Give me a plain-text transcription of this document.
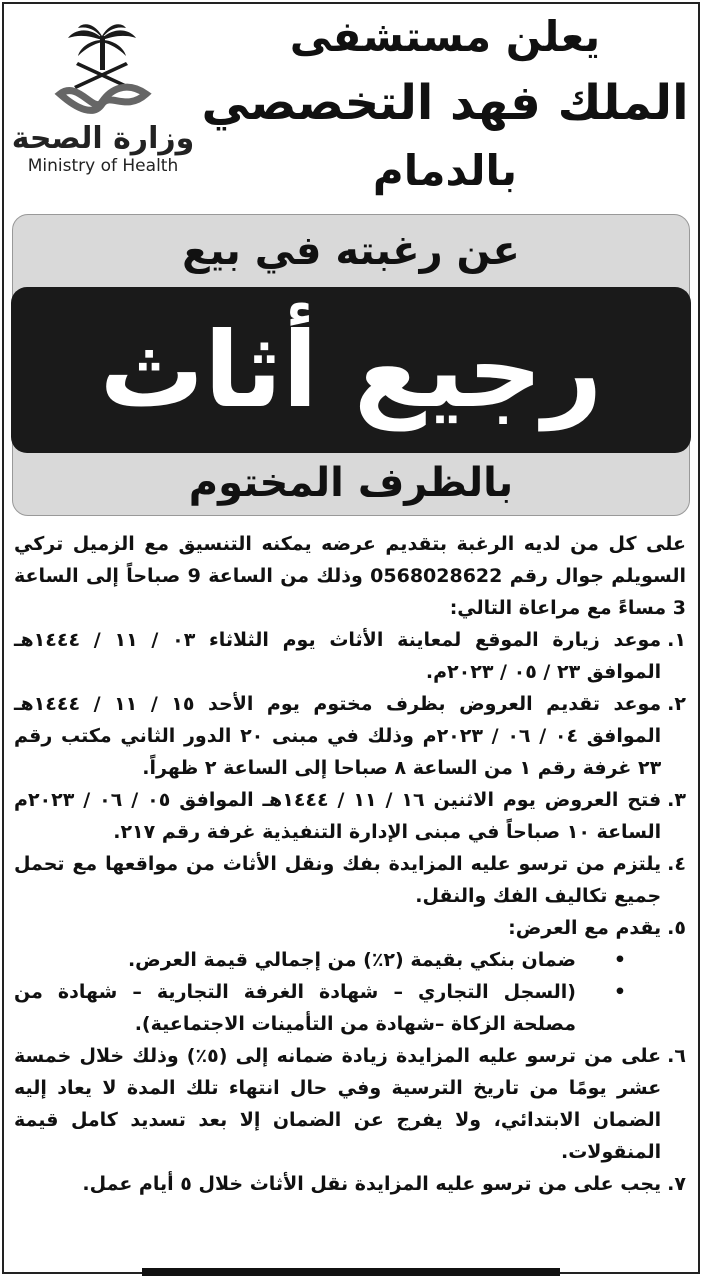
وزارة الصحة
Ministry of Health
يعلن مستشفى
الملك فهد التخصصي
بالدمام
عن رغبته في بيع
رجيع أثاث
بالظرف المختوم

على كل من لديه الرغبة بتقديم عرضه يمكنه التنسيق مع الزميل تركي السويلم جوال رقم 0568028622 وذلك من الساعة 9 صباحاً إلى الساعة 3 مساءً مع مراعاة التالي:

١.
موعد زيارة الموقع لمعاينة الأثاث يوم الثلاثاء ٠٣ / ١١ / ١٤٤٤هـ الموافق ٢٣ / ٠٥ / ٢٠٢٣م.
٢.
موعد تقديم العروض بظرف مختوم يوم الأحد ١٥ / ١١ / ١٤٤٤هـ الموافق ٠٤ / ٠٦ / ٢٠٢٣م وذلك في مبنى ٢٠ الدور الثاني مكتب رقم ٢٣ غرفة رقم ١ من الساعة ٨ صباحا إلى الساعة ٢ ظهراً.
٣.
فتح العروض يوم الاثنين ١٦ / ١١ / ١٤٤٤هـ الموافق ٠٥ / ٠٦ / ٢٠٢٣م الساعة ١٠ صباحاً في مبنى الإدارة التنفيذية غرفة رقم ٢١٧.
٤.
يلتزم من ترسو عليه المزايدة بفك ونقل الأثاث من مواقعها مع تحمل جميع تكاليف الفك والنقل.
٥.
يقدم مع العرض:
•
ضمان بنكي بقيمة (٢٪) من إجمالي قيمة العرض.
•
(السجل التجاري – شهادة الغرفة التجارية – شهادة من مصلحة الزكاة –شهادة من التأمينات الاجتماعية).
٦.
على من ترسو عليه المزايدة زيادة ضمانه إلى (٥٪) وذلك خلال خمسة عشر يومًا من تاريخ الترسية وفي حال انتهاء تلك المدة لا يعاد إليه الضمان الابتدائي، ولا يفرج عن الضمان إلا بعد تسديد كامل قيمة المنقولات.
٧.
يجب على من ترسو عليه المزايدة نقل الأثاث خلال ٥ أيام عمل.
